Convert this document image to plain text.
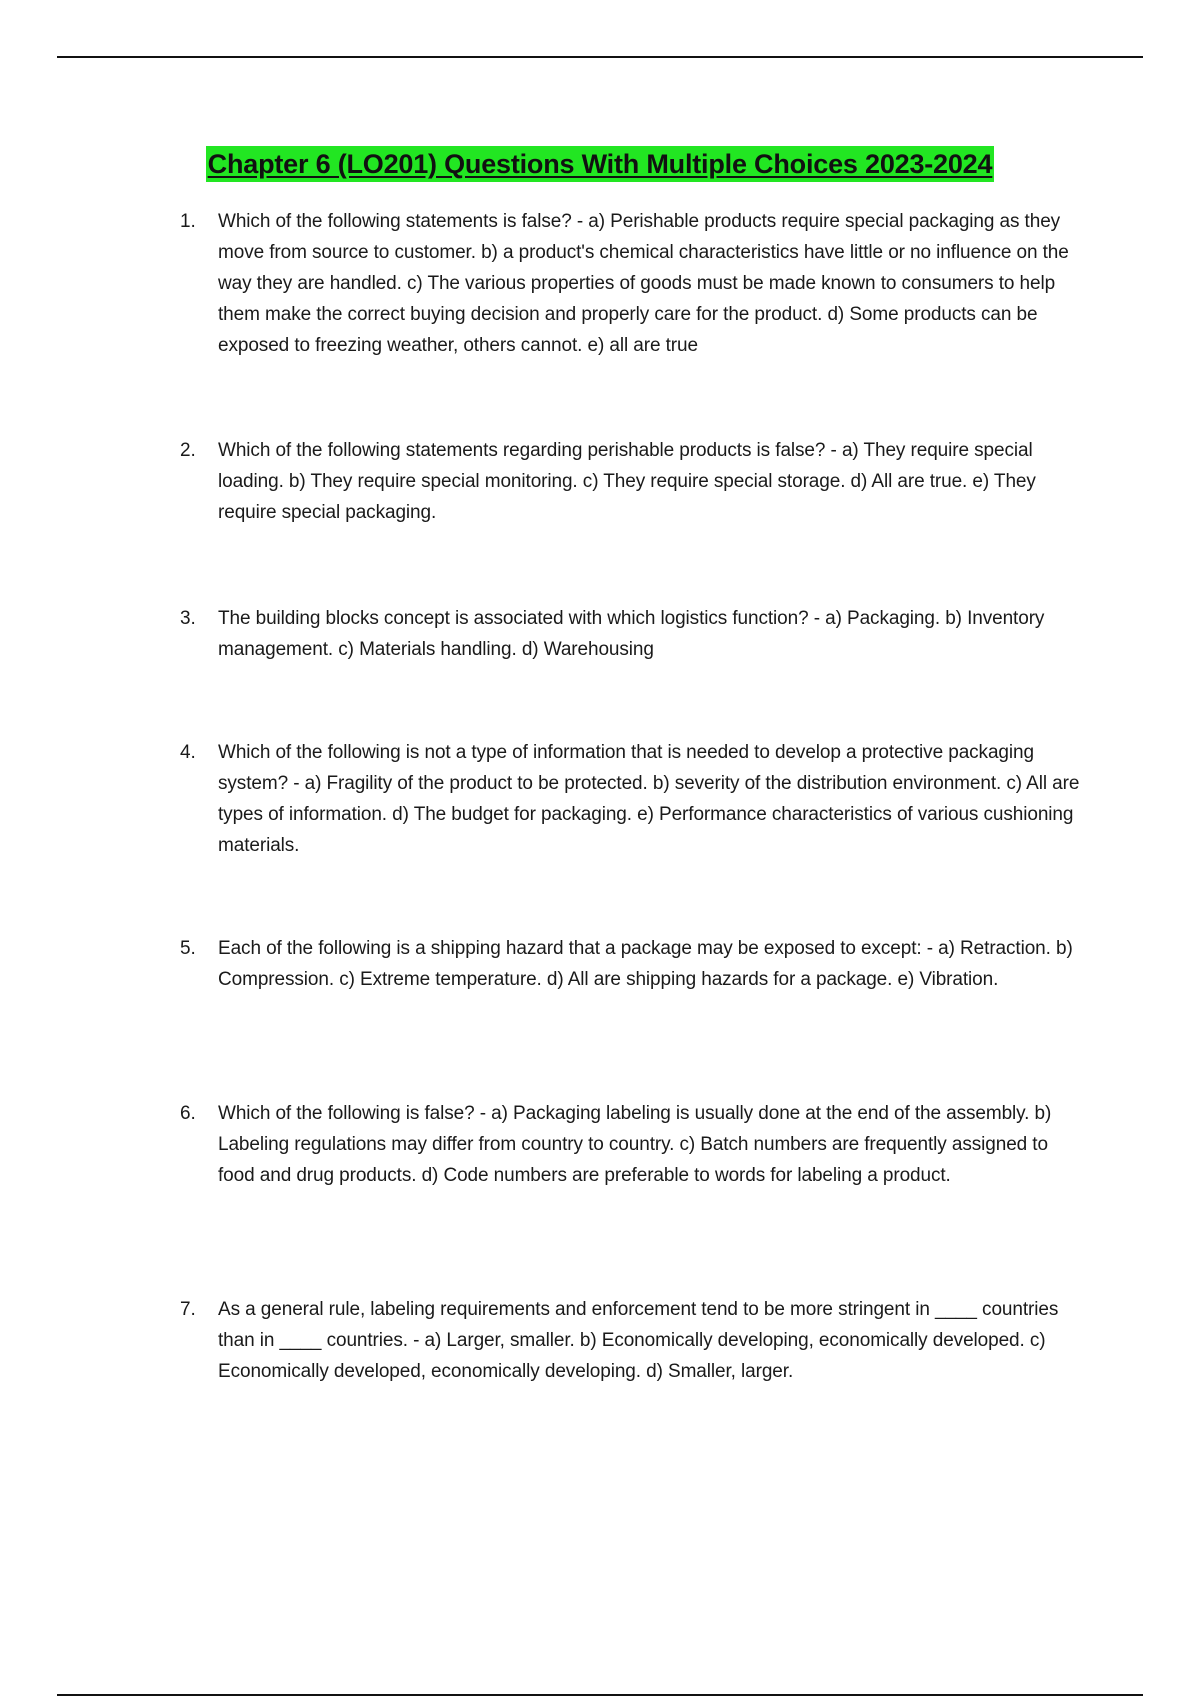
Chapter 6 (LO201) Questions With Multiple Choices 2023-2024
1. Which of the following statements is false? - a) Perishable products require special packaging as they move from source to customer. b) a product's chemical characteristics have little or no influence on the way they are handled. c) The various properties of goods must be made known to consumers to help them make the correct buying decision and properly care for the product. d) Some products can be exposed to freezing weather, others cannot. e) all are true
2. Which of the following statements regarding perishable products is false? - a) They require special loading. b) They require special monitoring. c) They require special storage. d) All are true. e) They require special packaging.
3. The building blocks concept is associated with which logistics function? - a) Packaging. b) Inventory management. c) Materials handling. d) Warehousing
4. Which of the following is not a type of information that is needed to develop a protective packaging system? - a) Fragility of the product to be protected. b) severity of the distribution environment. c) All are types of information. d) The budget for packaging. e) Performance characteristics of various cushioning materials.
5. Each of the following is a shipping hazard that a package may be exposed to except: - a) Retraction. b) Compression. c) Extreme temperature. d) All are shipping hazards for a package. e) Vibration.
6. Which of the following is false? - a) Packaging labeling is usually done at the end of the assembly. b) Labeling regulations may differ from country to country. c) Batch numbers are frequently assigned to food and drug products. d) Code numbers are preferable to words for labeling a product.
7. As a general rule, labeling requirements and enforcement tend to be more stringent in ____ countries than in ____ countries. - a) Larger, smaller. b) Economically developing, economically developed. c) Economically developed, economically developing. d) Smaller, larger.
